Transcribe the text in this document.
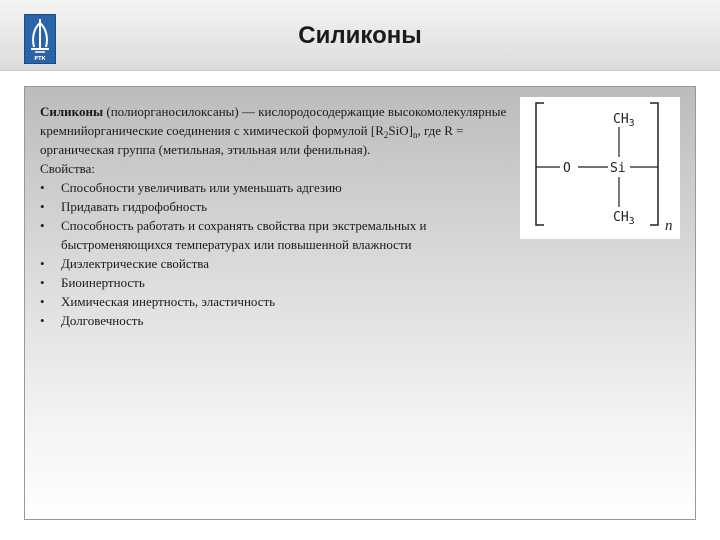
РТК
Силиконы

Силиконы (полиорганосилоксаны) — кислородосодержащие высокомолекулярные кремнийорганические соединения с химической формулой $[R_2SiO]_n$, где R = органическая группа (метильная, этильная или фенильная).

Свойства:

• Способности увеличивать или уменьшать адгезию
• Придавать гидрофобность
• Способность работать и сохранять свойства при экстремальных и быстроменяющихся температурах или повышенной влажности
• Диэлектрические свойства
• Биоинертность
• Химическая инертность, эластичность
• Долговечность
$CH_3$
O	Si
$CH_3$ n
